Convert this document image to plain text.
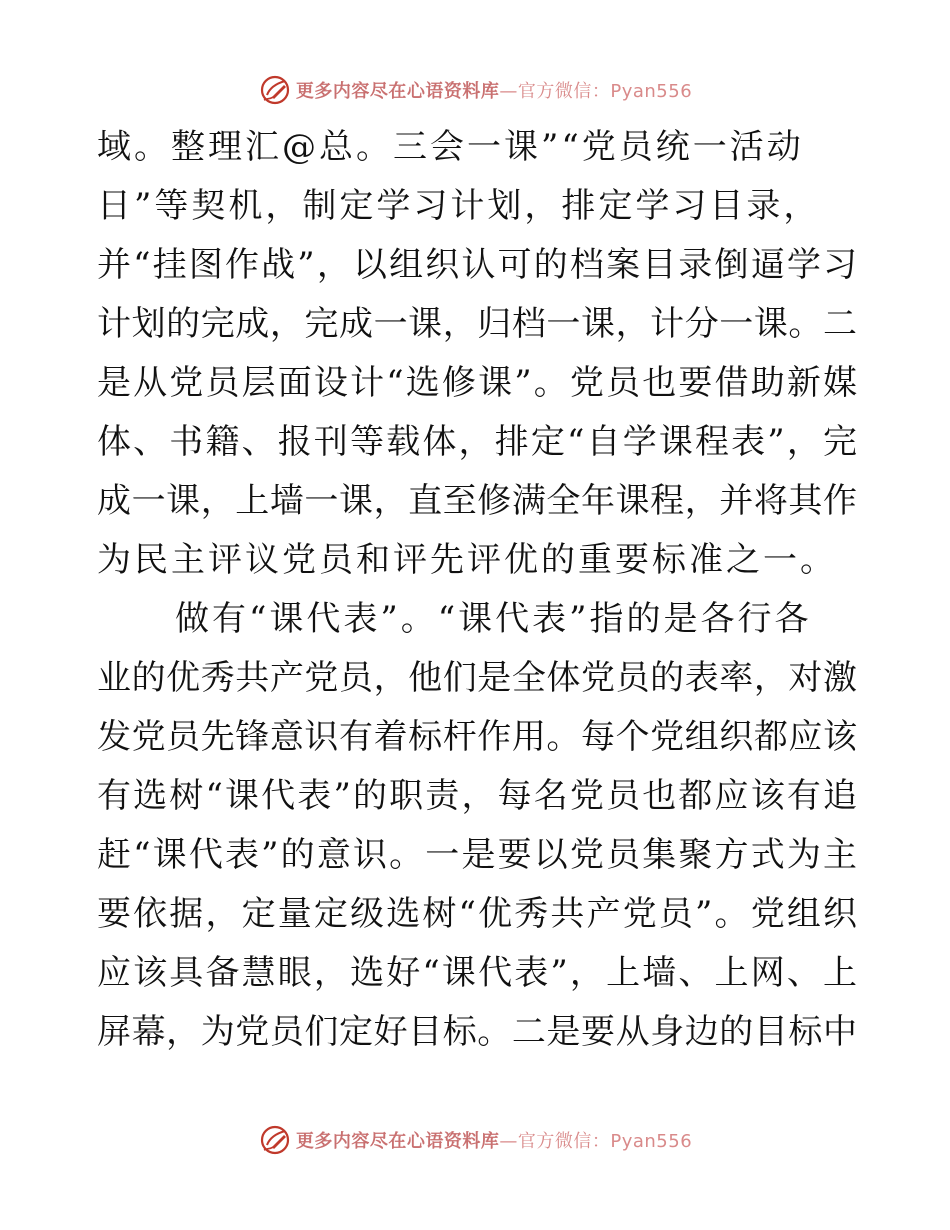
更多内容尽在心语资料库—官方微信：Pyan556
域。整理汇@总。三会一课”“党员统一活动
日”等契机，制定学习计划，排定学习目录，
并“挂图作战”，以组织认可的档案目录倒逼学习
计划的完成，完成一课，归档一课，计分一课。二
是从党员层面设计“选修课”。党员也要借助新媒
体、书籍、报刊等载体，排定“自学课程表”，完
成一课，上墙一课，直至修满全年课程，并将其作
为民主评议党员和评先评优的重要标准之一。
做有“课代表”。“课代表”指的是各行各
业的优秀共产党员，他们是全体党员的表率，对激
发党员先锋意识有着标杆作用。每个党组织都应该
有选树“课代表”的职责，每名党员也都应该有追
赶“课代表”的意识。一是要以党员集聚方式为主
要依据，定量定级选树“优秀共产党员”。党组织
应该具备慧眼，选好“课代表”，上墙、上网、上
屏幕，为党员们定好目标。二是要从身边的目标中
更多内容尽在心语资料库—官方微信：Pyan556
